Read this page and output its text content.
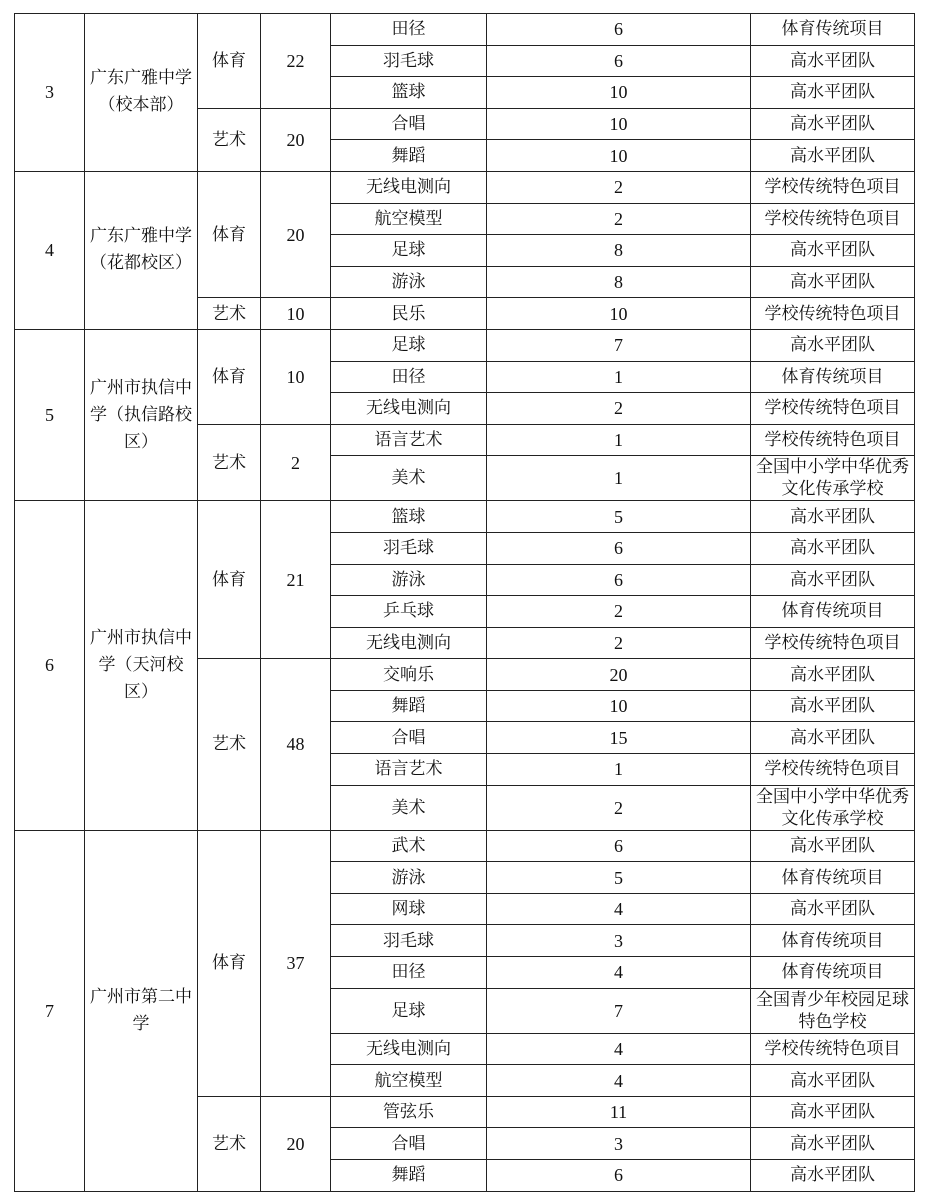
3	广东广雅中学（校本部）	体育	22	田径	6	体育传统项目
				羽毛球	6	高水平团队
				篮球	10	高水平团队
		艺术	20	合唱	10	高水平团队
				舞蹈	10	高水平团队
4	广东广雅中学（花都校区）	体育	20	无线电测向	2	学校传统特色项目
				航空模型	2	学校传统特色项目
				足球	8	高水平团队
				游泳	8	高水平团队
		艺术	10	民乐	10	学校传统特色项目
5	广州市执信中学（执信路校区）	体育	10	足球	7	高水平团队
				田径	1	体育传统项目
				无线电测向	2	学校传统特色项目
		艺术	2	语言艺术	1	学校传统特色项目
				美术	1	全国中小学中华优秀文化传承学校
6	广州市执信中学（天河校区）	体育	21	篮球	5	高水平团队
				羽毛球	6	高水平团队
				游泳	6	高水平团队
				乒乓球	2	体育传统项目
				无线电测向	2	学校传统特色项目
		艺术	48	交响乐	20	高水平团队
				舞蹈	10	高水平团队
				合唱	15	高水平团队
				语言艺术	1	学校传统特色项目
				美术	2	全国中小学中华优秀文化传承学校
7	广州市第二中学	体育	37	武术	6	高水平团队
				游泳	5	体育传统项目
				网球	4	高水平团队
				羽毛球	3	体育传统项目
				田径	4	体育传统项目
				足球	7	全国青少年校园足球特色学校
				无线电测向	4	学校传统特色项目
				航空模型	4	高水平团队
		艺术	20	管弦乐	11	高水平团队
				合唱	3	高水平团队
				舞蹈	6	高水平团队
